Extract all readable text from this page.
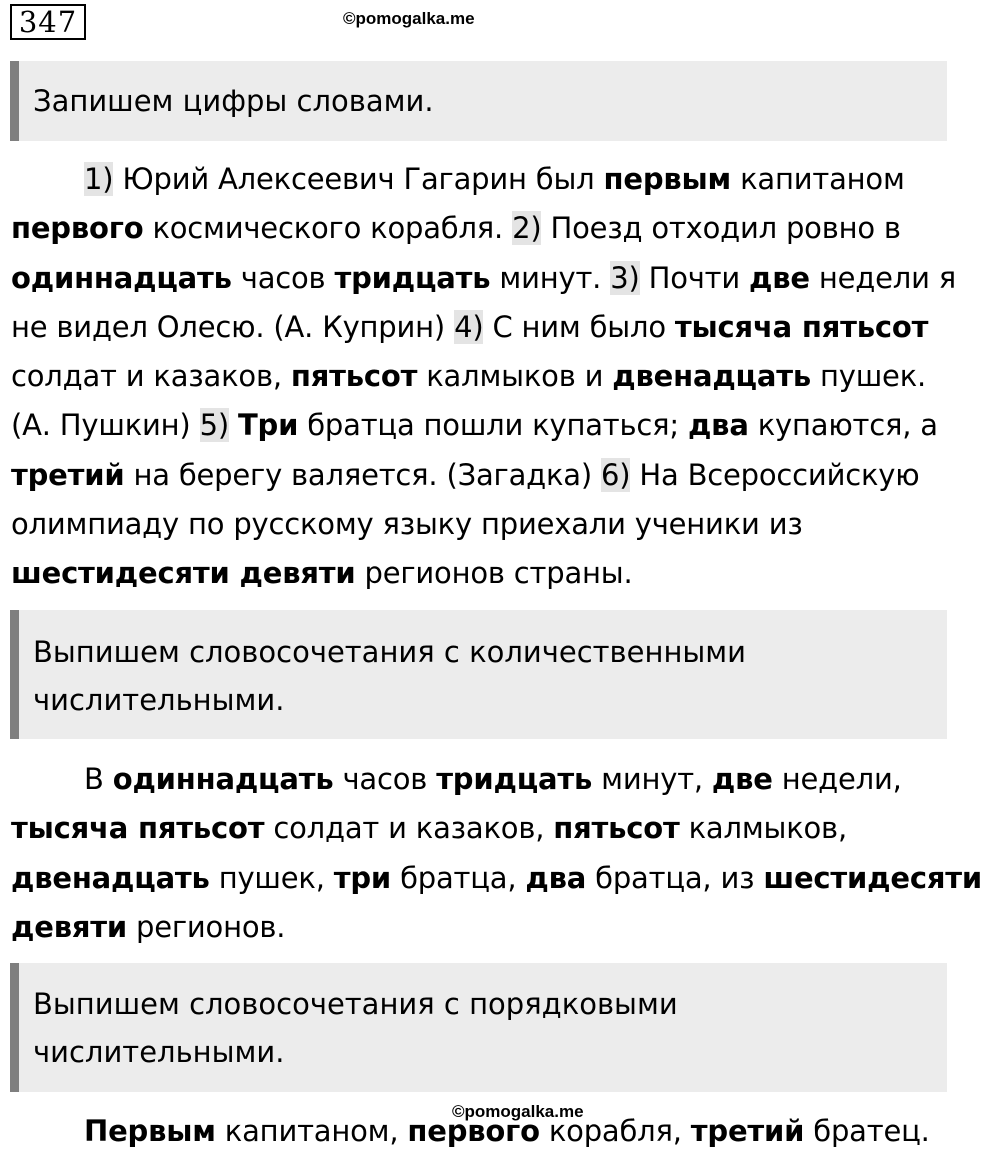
347	©pomogalka.me
Запишем цифры словами.
1) Юрий Алексеевич Гагарин был первым капитаном
первого космического корабля. 2) Поезд отходил ровно в
одиннадцать часов тридцать минут. 3) Почти две недели я
не видел Олесю. (А. Куприн) 4) С ним было тысяча пятьсот
солдат и казаков, пятьсот калмыков и двенадцать пушек.
(А. Пушкин) 5) Три братца пошли купаться; два купаются, а
третий на берегу валяется. (Загадка) 6) На Всероссийскую
олимпиаду по русскому языку приехали ученики из
шестидесяти девяти регионов страны.
Выпишем словосочетания с количественными
числительными.
В одиннадцать часов тридцать минут, две недели,
тысяча пятьсот солдат и казаков, пятьсот калмыков,
двенадцать пушек, три братца, два братца, из шестидесяти
девяти регионов.
Выпишем словосочетания с порядковыми
числительными.
Первым капитаном, первого корабля, третий братец.
©pomogalka.me
